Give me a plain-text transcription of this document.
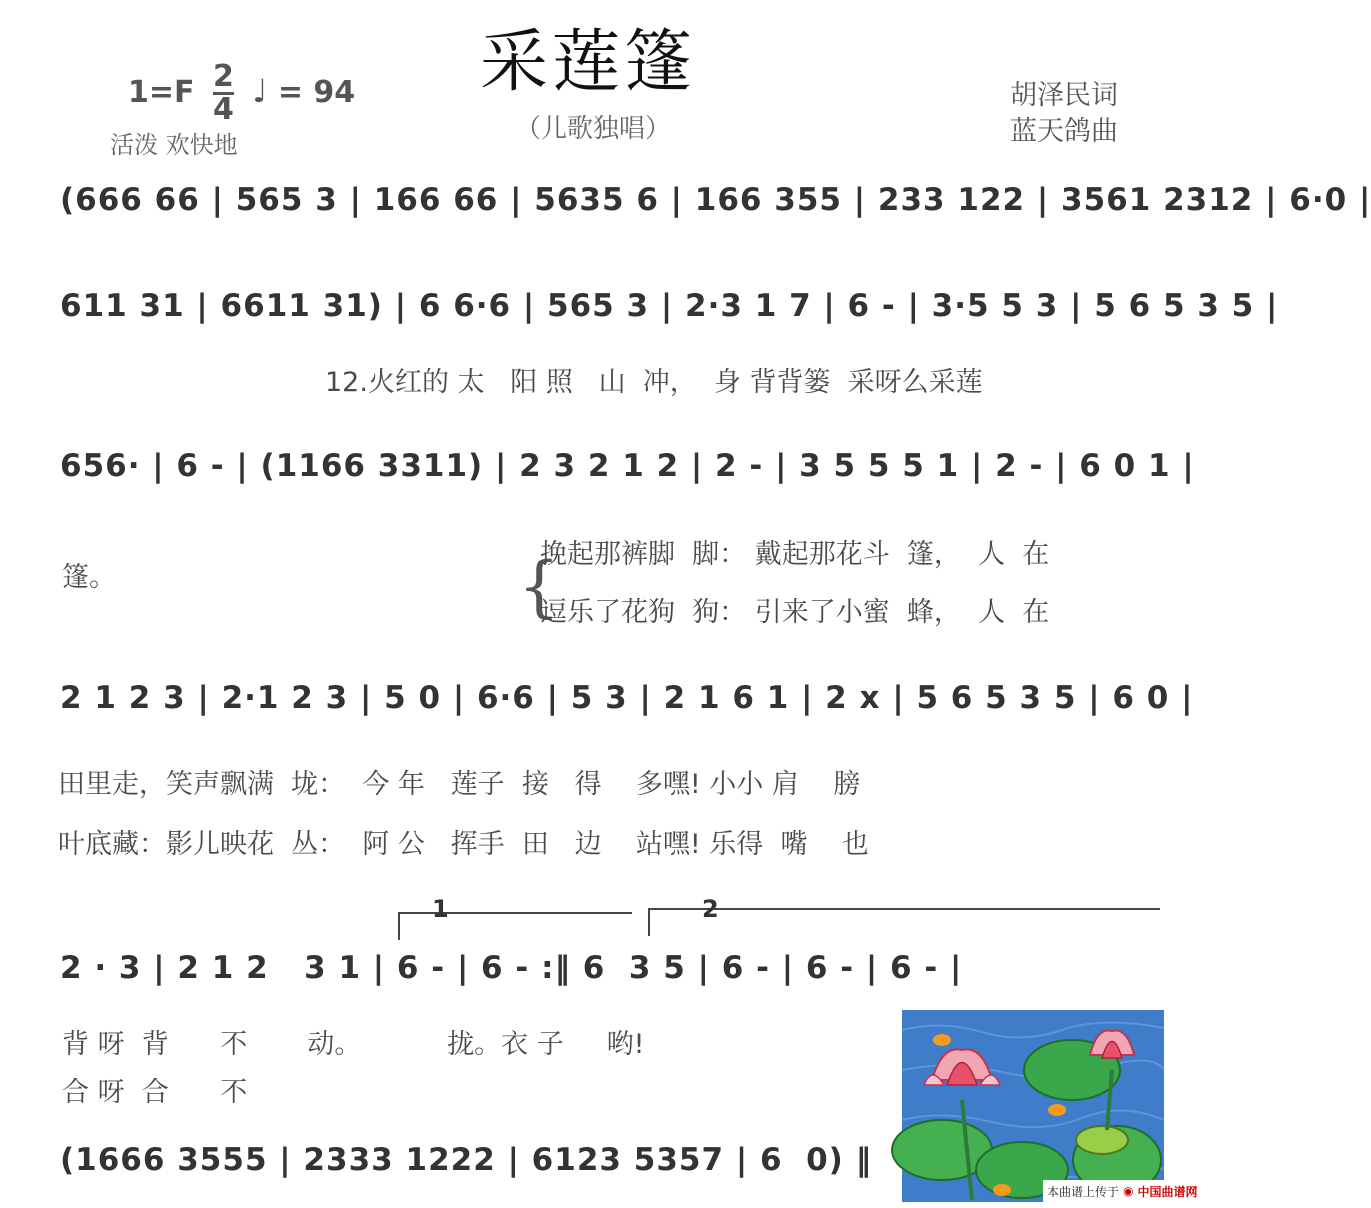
采莲篷
（儿歌独唱）
$1=F \frac{2}{4}$ ♩ = 94
活泼 欢快地
胡泽民词
蓝天鸽曲
(666 66 | 565 3 | 166 66 | 5635 6 | 166 355 | 233 122 | 3561 2312 | 6·0 |
611 31 | 6611 31) | 6 6·6 | 565 3 | 2·3 1 7 | 6 - | 3·5 5 3 | 5 6 5 3 5 |
12.火红的 太   阳 照   山  冲，  身 背背篓  采呀么采莲
656· | 6 - | (1166 3311) | 2 3 2 1 2 | 2 - | 3 5 5 5 1 | 2 - | 6 0 1 |
篷。	{
挽起那裤脚  脚： 戴起那花斗  篷，  人  在
逗乐了花狗  狗： 引来了小蜜  蜂，  人  在
2 1 2 3 | 2·1 2 3 | 5 0 | 6·6 | 5 3 | 2 1 6 1 | 2 x | 5 6 5 3 5 | 6 0 |
田里走，笑声飘满  垅：  今 年   莲子  接   得    多嘿! 小小 肩    膀
叶底藏：影儿映花  丛：  阿 公   挥手  田   边    站嘿! 乐得  嘴    也
1	2
2 · 3 | 2 1 2   3 1 | 6 - | 6 - :‖ 6  3 5 | 6 - | 6 - | 6 - |
背 呀  背      不       动。          拢。衣 子     哟!
合 呀  合      不
(1666 3555 | 2333 1222 | 6123 5357 | 6  0) ‖
本曲谱上传于 ◉ 中国曲谱网
